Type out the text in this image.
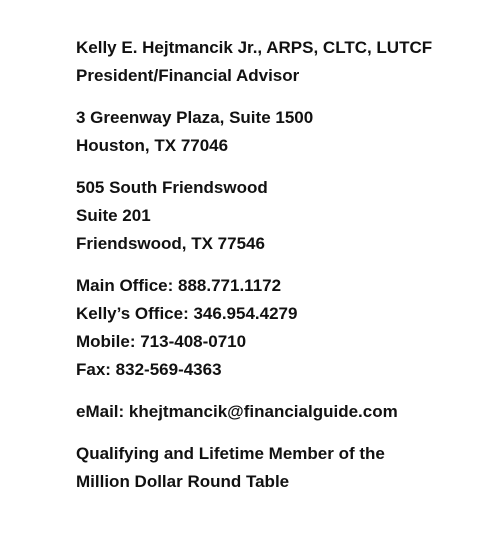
Kelly E. Hejtmancik Jr., ARPS, CLTC, LUTCF
President/Financial Advisor
3 Greenway Plaza, Suite 1500
Houston, TX 77046
505 South Friendswood
Suite 201
Friendswood, TX 77546
Main Office: 888.771.1172
Kelly’s Office: 346.954.4279
Mobile: 713-408-0710
Fax: 832-569-4363
eMail: khejtmancik@financialguide.com
Qualifying and Lifetime Member of the
Million Dollar Round Table
